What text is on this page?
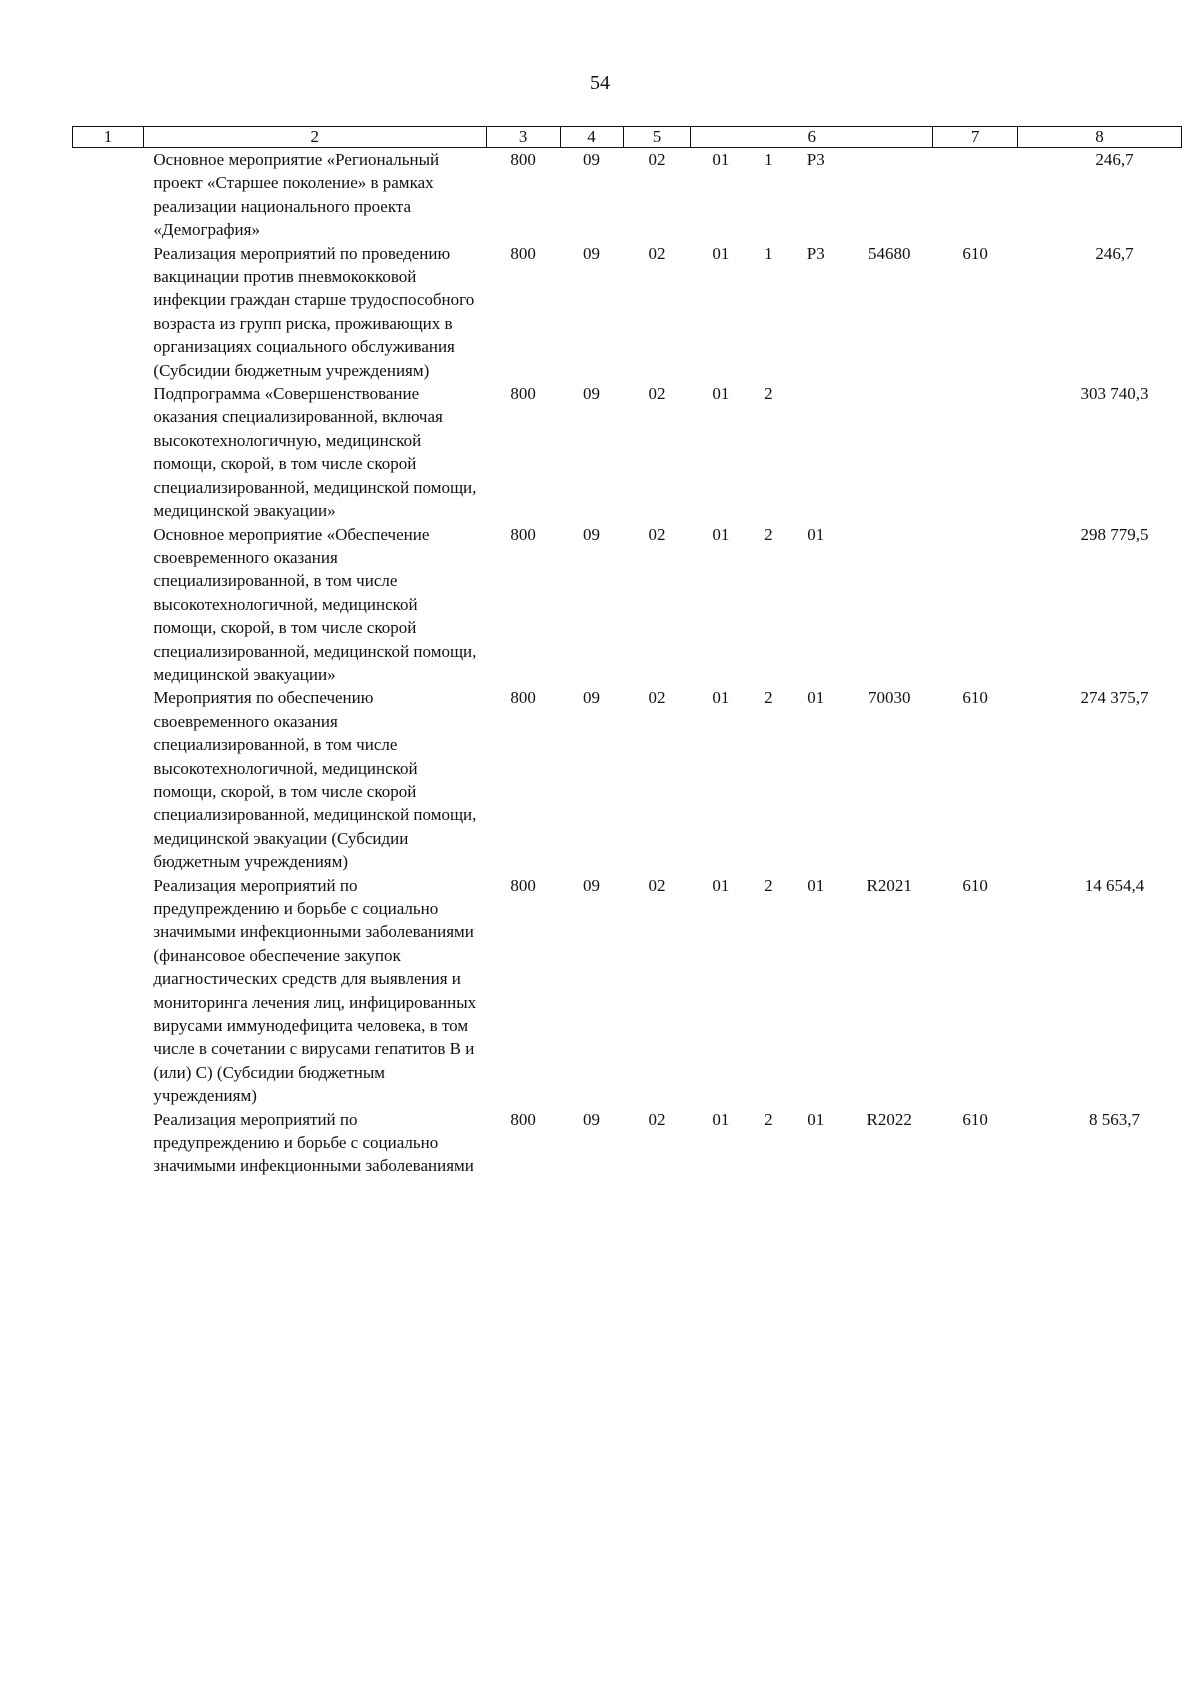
54
1	2	3	4	5	6				7	8
	Основное мероприятие «Региональный проект «Старшее поколение» в рамках реализации национального проекта «Демография»	800	09	02	01	1	Р3			246,7
	Реализация мероприятий по проведению вакцинации против пневмококковой инфекции граждан старше трудоспособного возраста из групп риска, проживающих в организациях социального обслуживания (Субсидии бюджетным учреждениям)	800	09	02	01	1	Р3	54680	610	246,7
	Подпрограмма «Совершенствование оказания специализированной, включая высокотехнологичную, медицинской помощи, скорой, в том числе скорой специализированной, медицинской помощи, медицинской эвакуации»	800	09	02	01	2				303 740,3
	Основное мероприятие «Обеспечение своевременного оказания специализированной, в том числе высокотехнологичной, медицинской помощи, скорой, в том числе скорой специализированной, медицинской помощи, медицинской эвакуации»	800	09	02	01	2	01			298 779,5
	Мероприятия по обеспечению своевременного оказания специализированной, в том числе высокотехнологичной, медицинской помощи, скорой, в том числе скорой специализированной, медицинской помощи, медицинской эвакуации (Субсидии бюджетным учреждениям)	800	09	02	01	2	01	70030	610	274 375,7
	Реализация мероприятий по предупреждению и борьбе с социально значимыми инфекционными заболеваниями (финансовое обеспечение закупок диагностических средств для выявления и мониторинга лечения лиц, инфицированных вирусами иммунодефицита человека, в том числе в сочетании с вирусами гепатитов В и (или) С) (Субсидии бюджетным учреждениям)	800	09	02	01	2	01	R2021	610	14 654,4
	Реализация мероприятий по предупреждению и борьбе с социально значимыми инфекционными заболеваниями	800	09	02	01	2	01	R2022	610	8 563,7
